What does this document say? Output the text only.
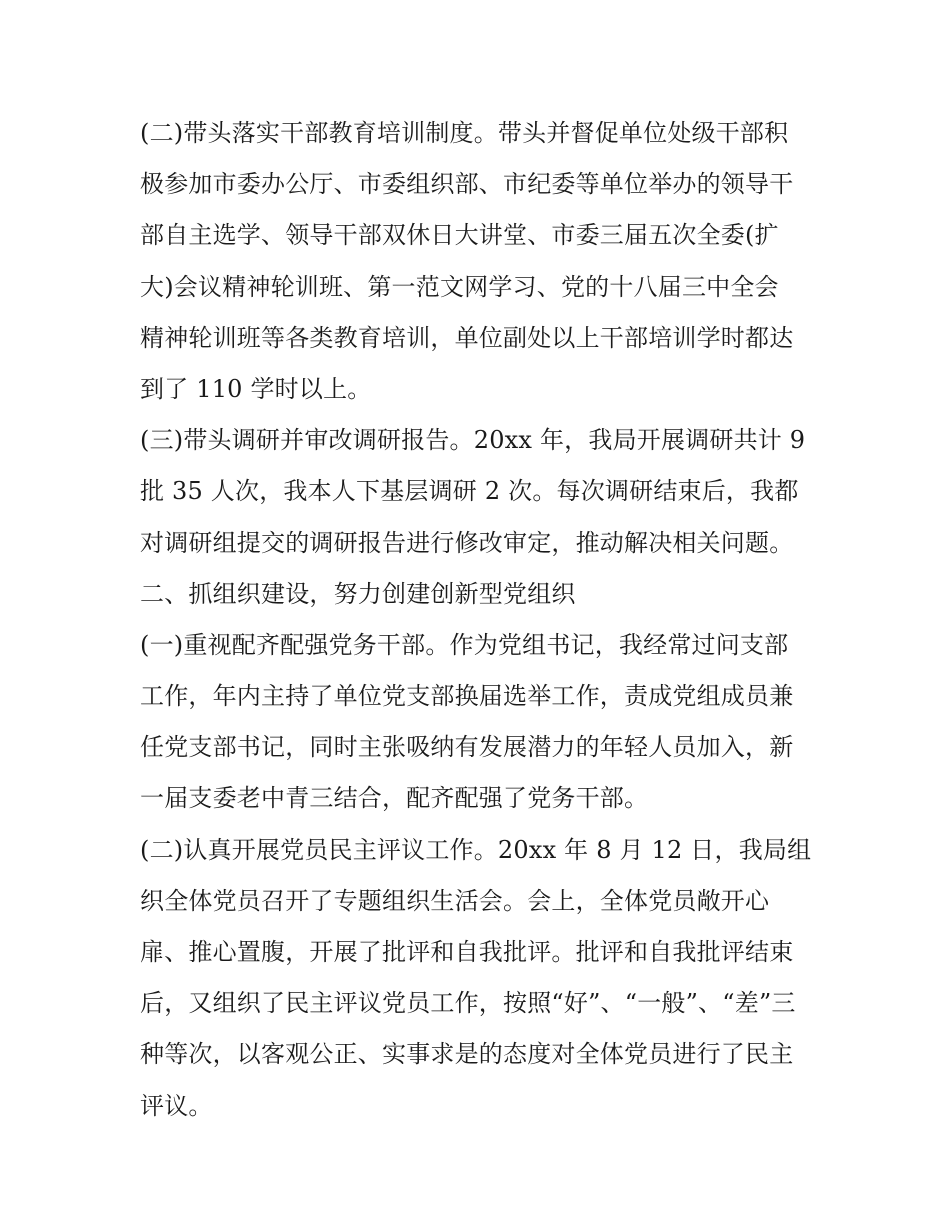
(二)带头落实干部教育培训制度。带头并督促单位处级干部积
极参加市委办公厅、市委组织部、市纪委等单位举办的领导干
部自主选学、领导干部双休日大讲堂、市委三届五次全委(扩
大)会议精神轮训班、第一范文网学习、党的十八届三中全会
精神轮训班等各类教育培训，单位副处以上干部培训学时都达
到了 110 学时以上。
(三)带头调研并审改调研报告。20xx 年，我局开展调研共计 9
批 35 人次，我本人下基层调研 2 次。每次调研结束后，我都
对调研组提交的调研报告进行修改审定，推动解决相关问题。
二、抓组织建设，努力创建创新型党组织
(一)重视配齐配强党务干部。作为党组书记，我经常过问支部
工作，年内主持了单位党支部换届选举工作，责成党组成员兼
任党支部书记，同时主张吸纳有发展潜力的年轻人员加入，新
一届支委老中青三结合，配齐配强了党务干部。
(二)认真开展党员民主评议工作。20xx 年 8 月 12 日，我局组
织全体党员召开了专题组织生活会。会上，全体党员敞开心
扉、推心置腹，开展了批评和自我批评。批评和自我批评结束
后，又组织了民主评议党员工作，按照“好”、“一般”、“差”三
种等次，以客观公正、实事求是的态度对全体党员进行了民主
评议。
